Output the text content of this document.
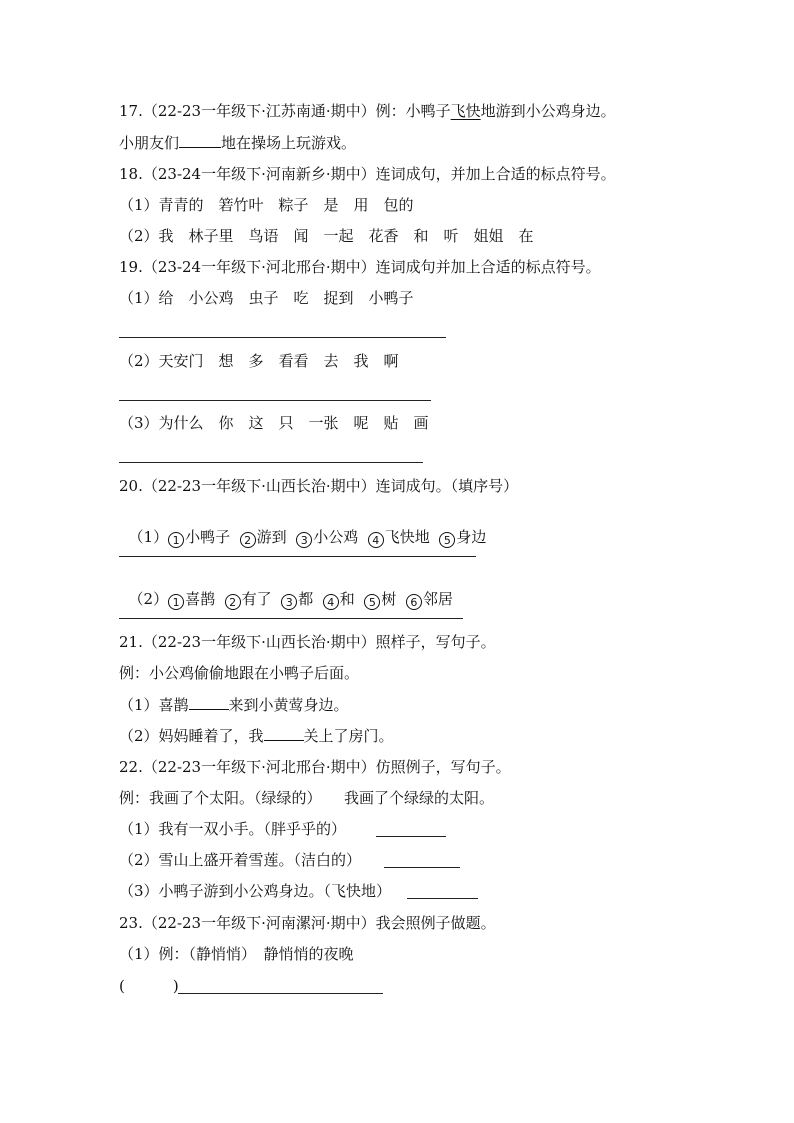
17.（22-23一年级下·江苏南通·期中）例：小鸭子飞快地游到小公鸡身边。
小朋友们	地在操场上玩游戏。
18.（23-24一年级下·河南新乡·期中）连词成句，并加上合适的标点符号。
（1）青青的　箬竹叶　粽子　是　用　包的
（2）我　林子里　鸟语　闻　一起　花香　和　听　姐姐　在
19.（23-24一年级下·河北邢台·期中）连词成句并加上合适的标点符号。
（1）给　小公鸡　虫子　吃　捉到　小鸭子
（2）天安门　想　多　看看　去　我　啊
（3）为什么　你　这　只　一张　呢　贴　画
20.（22-23一年级下·山西长治·期中）连词成句。（填序号）

（1） 1 小鸭子 2 游到 3 小公鸡 4 飞快地 5 身边

（2） 1 喜鹊 2 有了 3 都 4 和 5 树 6 邻居

21.（22-23一年级下·山西长治·期中）照样子，写句子。
例：小公鸡偷偷地跟在小鸭子后面。
（1）喜鹊	来到小黄莺身边。
（2）妈妈睡着了，我	关上了房门。
22.（22-23一年级下·河北邢台·期中）仿照例子，写句子。
例：我画了个太阳。（绿绿的）　　我画了个绿绿的太阳。
（1）我有一双小手。（胖乎乎的）
（2）雪山上盛开着雪莲。（洁白的）
（3）小鸭子游到小公鸡身边。（飞快地）
23.（22-23一年级下·河南漯河·期中）我会照例子做题。
（1）例：（静悄悄）　静悄悄的夜晚
(	)
